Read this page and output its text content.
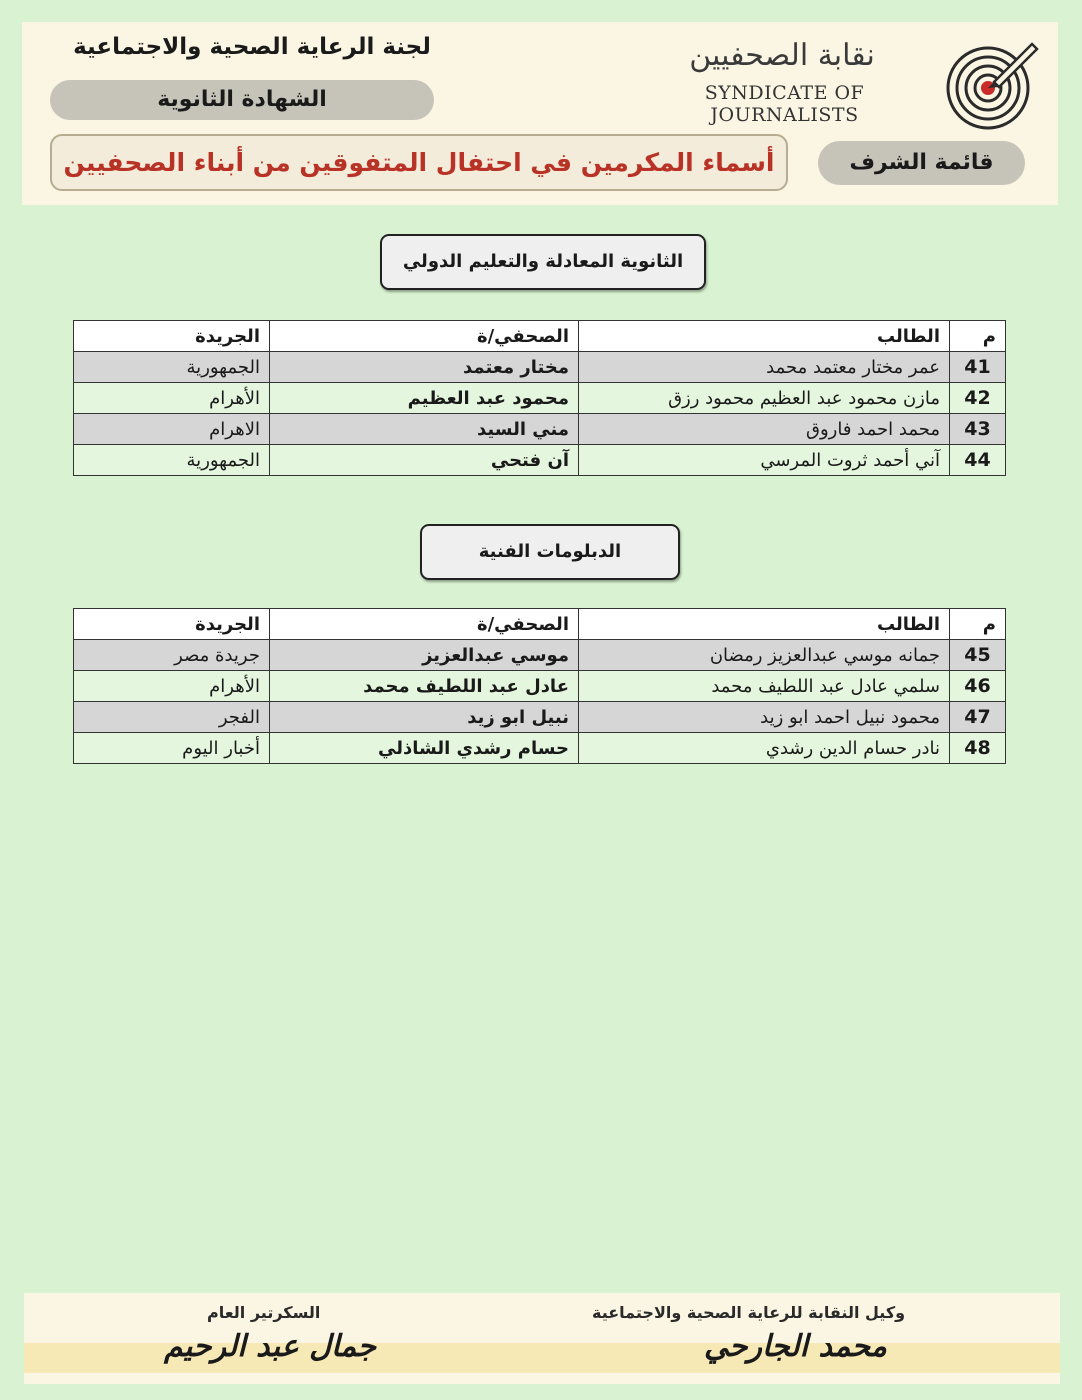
لجنة الرعاية الصحية والاجتماعية
الشهادة الثانوية
نقابة الصحفيين
SYNDICATE OF JOURNALISTS
أسماء المكرمين في احتفال المتفوقين من أبناء الصحفيين	قائمة الشرف
الثانوية المعادلة والتعليم الدولي
م	الطالب	الصحفي/ة	الجريدة
41	عمر مختار معتمد محمد	مختار معتمد	الجمهورية
42	مازن محمود عبد العظيم محمود رزق	محمود عبد العظيم	الأهرام
43	محمد احمد فاروق	مني السيد	الاهرام
44	آني أحمد ثروت المرسي	آن فتحي	الجمهورية
الدبلومات الفنية
م	الطالب	الصحفي/ة	الجريدة
45	جمانه موسي عبدالعزيز رمضان	موسي عبدالعزيز	جريدة مصر
46	سلمي عادل عبد اللطيف محمد	عادل عبد اللطيف محمد	الأهرام
47	محمود نبيل احمد ابو زيد	نبيل ابو زيد	الفجر
48	نادر حسام الدين رشدي	حسام رشدي الشاذلي	أخبار اليوم
السكرتير العام
جمال عبد الرحيم
وكيل النقابة للرعاية الصحية والاجتماعية
محمد الجارحي
